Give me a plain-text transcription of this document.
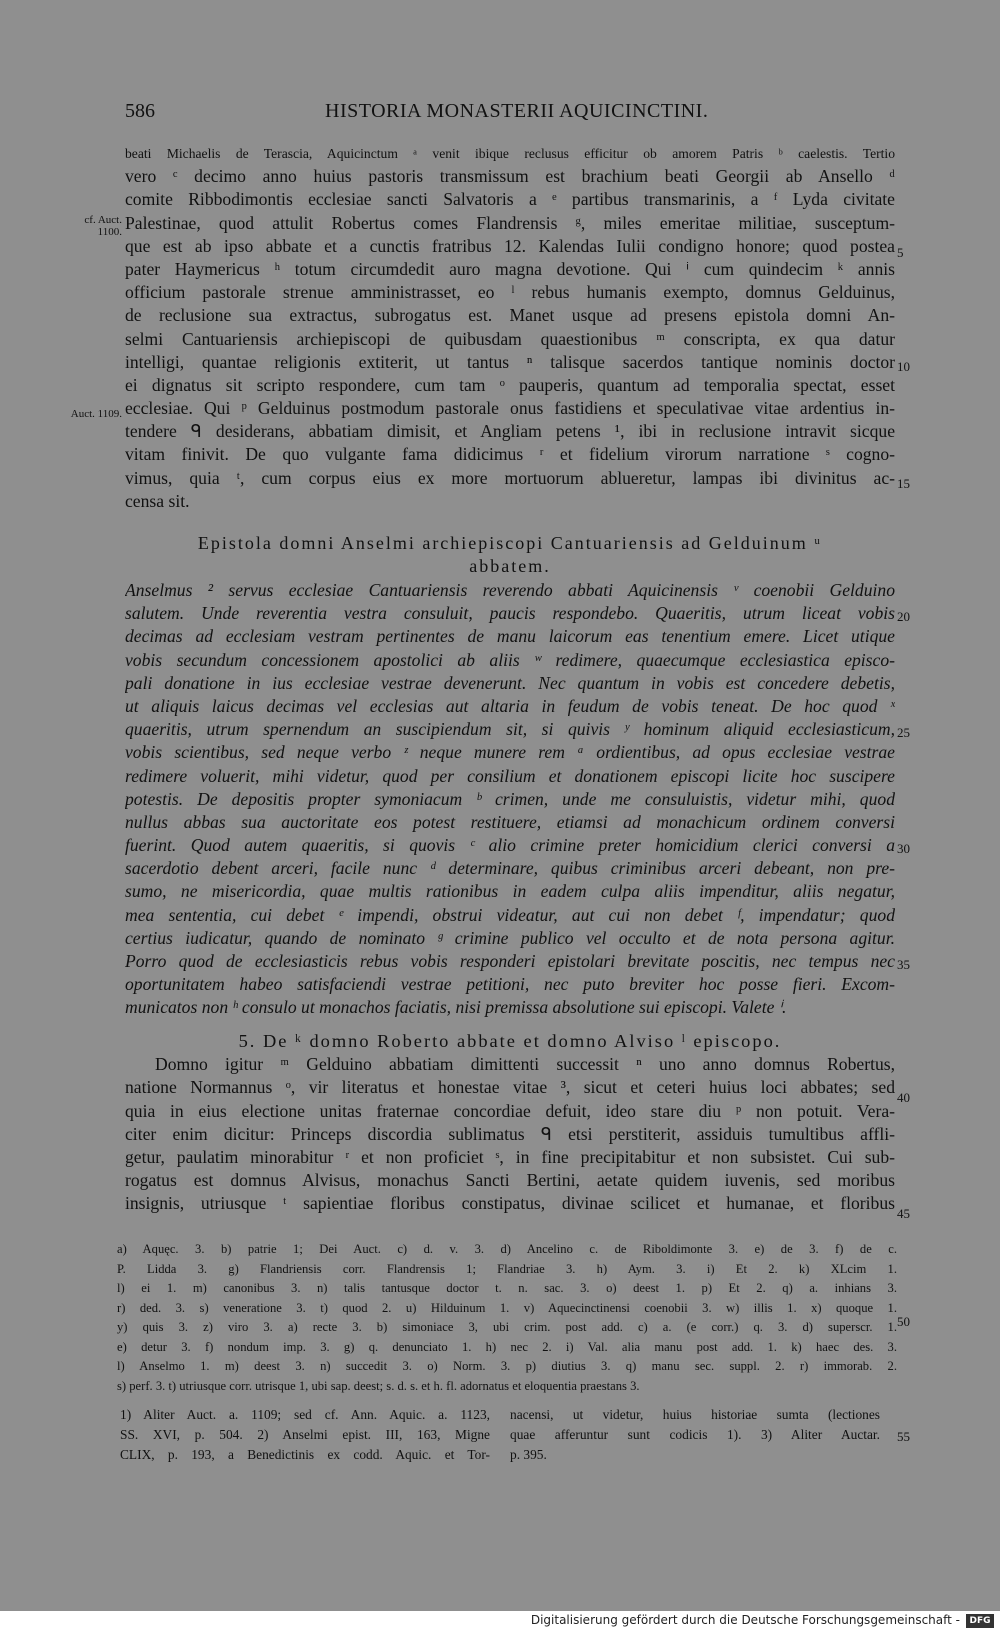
586	HISTORIA MONASTERII AQUICINCTINI.
beati Michaelis de Terascia, Aquicinctum ᵃ venit ibique reclusus efficitur ob amorem Patris ᵇ caelestis. Tertio
vero ᶜ decimo anno huius pastoris transmissum est brachium beati Georgii ab Ansello ᵈ
comite Ribbodimontis ecclesiae sancti Salvatoris a ᵉ partibus transmarinis, a ᶠ Lyda civitate
Palestinae, quod attulit Robertus comes Flandrensis ᵍ, miles emeritae militiae, susceptum-
que est ab ipso abbate et a cunctis fratribus 12. Kalendas Iulii condigno honore; quod postea
pater Haymericus ʰ totum circumdedit auro magna devotione. Qui ⁱ cum quindecim ᵏ annis
officium pastorale strenue amministrasset, eo ˡ rebus humanis exempto, domnus Gelduinus,
de reclusione sua extractus, subrogatus est. Manet usque ad presens epistola domni An-
selmi Cantuariensis archiepiscopi de quibusdam quaestionibus ᵐ conscripta, ex qua datur
intelligi, quantae religionis extiterit, ut tantus ⁿ talisque sacerdos tantique nominis doctor
ei dignatus sit scripto respondere, cum tam ᵒ pauperis, quantum ad temporalia spectat, esset
ecclesiae. Qui ᵖ Gelduinus postmodum pastorale onus fastidiens et speculativae vitae ardentius in-
tendere ᑫ desiderans, abbatiam dimisit, et Angliam petens ¹, ibi in reclusione intravit sicque
vitam finivit. De quo vulgante fama didicimus ʳ et fidelium virorum narratione ˢ cogno-
vimus, quia ᵗ, cum corpus eius ex more mortuorum ablueretur, lampas ibi divinitus ac-
censa sit.
cf. Auct. 1100.
Auct. 1109.
Epistola domni Anselmi archiepiscopi Cantuariensis ad Gelduinum ᵘ
abbatem.
Anselmus ² servus ecclesiae Cantuariensis reverendo abbati Aquicinensis ᵛ coenobii Gelduino
salutem. Unde reverentia vestra consuluit, paucis respondebo. Quaeritis, utrum liceat vobis
decimas ad ecclesiam vestram pertinentes de manu laicorum eas tenentium emere. Licet utique
vobis secundum concessionem apostolici ab aliis ʷ redimere, quaecumque ecclesiastica episco-
pali donatione in ius ecclesiae vestrae devenerunt. Nec quantum in vobis est concedere debetis,
ut aliquis laicus decimas vel ecclesias aut altaria in feudum de vobis teneat. De hoc quod ˣ
quaeritis, utrum spernendum an suscipiendum sit, si quivis ʸ hominum aliquid ecclesiasticum,
vobis scientibus, sed neque verbo ᶻ neque munere rem ᵃ ordientibus, ad opus ecclesiae vestrae
redimere voluerit, mihi videtur, quod per consilium et donationem episcopi licite hoc suscipere
potestis. De depositis propter symoniacum ᵇ crimen, unde me consuluistis, videtur mihi, quod
nullus abbas sua auctoritate eos potest restituere, etiamsi ad monachicum ordinem conversi
fuerint. Quod autem quaeritis, si quovis ᶜ alio crimine preter homicidium clerici conversi a
sacerdotio debent arceri, facile nunc ᵈ determinare, quibus criminibus arceri debeant, non pre-
sumo, ne misericordia, quae multis rationibus in eadem culpa aliis impenditur, aliis negatur,
mea sententia, cui debet ᵉ impendi, obstrui videatur, aut cui non debet ᶠ, impendatur; quod
certius iudicatur, quando de nominato ᵍ crimine publico vel occulto et de nota persona agitur.
Porro quod de ecclesiasticis rebus vobis responderi epistolari brevitate poscitis, nec tempus nec
oportunitatem habeo satisfaciendi vestrae petitioni, nec puto breviter hoc posse fieri. Excom-
municatos non ʰ consulo ut monachos faciatis, nisi premissa absolutione sui episcopi. Valete ⁱ.
5. De ᵏ domno Roberto abbate et domno Alviso ˡ episcopo.
Domno igitur ᵐ Gelduino abbatiam dimittenti successit ⁿ uno anno domnus Robertus,
natione Normannus ᵒ, vir literatus et honestae vitae ³, sicut et ceteri huius loci abbates; sed
quia in eius electione unitas fraternae concordiae defuit, ideo stare diu ᵖ non potuit. Vera-
citer enim dicitur: Princeps discordia sublimatus ᑫ etsi perstiterit, assiduis tumultibus affli-
getur, paulatim minorabitur ʳ et non proficiet ˢ, in fine precipitabitur et non subsistet. Cui sub-
rogatus est domnus Alvisus, monachus Sancti Bertini, aetate quidem iuvenis, sed moribus
insignis, utriusque ᵗ sapientiae floribus constipatus, divinae scilicet et humanae, et floribus
5
10
15
20
25
30
35
40
45
50
55
a) Aquęc. 3. b) patrie 1; Dei Auct. c) d. v. 3. d) Ancelino c. de Riboldimonte 3. e) de 3. f) de c.
P. Lidda 3. g) Flandriensis corr. Flandrensis 1; Flandriae 3. h) Aym. 3. i) Et 2. k) XLcim 1.
l) ei 1. m) canonibus 3. n) talis tantusque doctor t. n. sac. 3. o) deest 1. p) Et 2. q) a. inhians 3.
r) ded. 3. s) veneratione 3. t) quod 2. u) Hilduinum 1. v) Aquecinctinensi coenobii 3. w) illis 1. x) quoque 1.
y) quis 3. z) viro 3. a) recte 3. b) simoniace 3, ubi crim. post add. c) a. (e corr.) q. 3. d) superscr. 1.
e) detur 3. f) nondum imp. 3. g) q. denunciato 1. h) nec 2. i) Val. alia manu post add. 1. k) haec des. 3.
l) Anselmo 1. m) deest 3. n) succedit 3. o) Norm. 3. p) diutius 3. q) manu sec. suppl. 2. r) immorab. 2.
s) perf. 3. t) utriusque corr. utrisque 1, ubi sap. deest; s. d. s. et h. fl. adornatus et eloquentia praestans 3.
1) Aliter Auct. a. 1109; sed cf. Ann. Aquic. a. 1123,
SS. XVI, p. 504. 2) Anselmi epist. III, 163, Migne
CLIX, p. 193, a Benedictinis ex codd. Aquic. et Tor-
nacensi, ut videtur, huius historiae sumta (lectiones
quae afferuntur sunt codicis 1). 3) Aliter Auctar.
p. 395.
Digitalisierung gefördert durch die Deutsche Forschungsgemeinschaft -	DFG
